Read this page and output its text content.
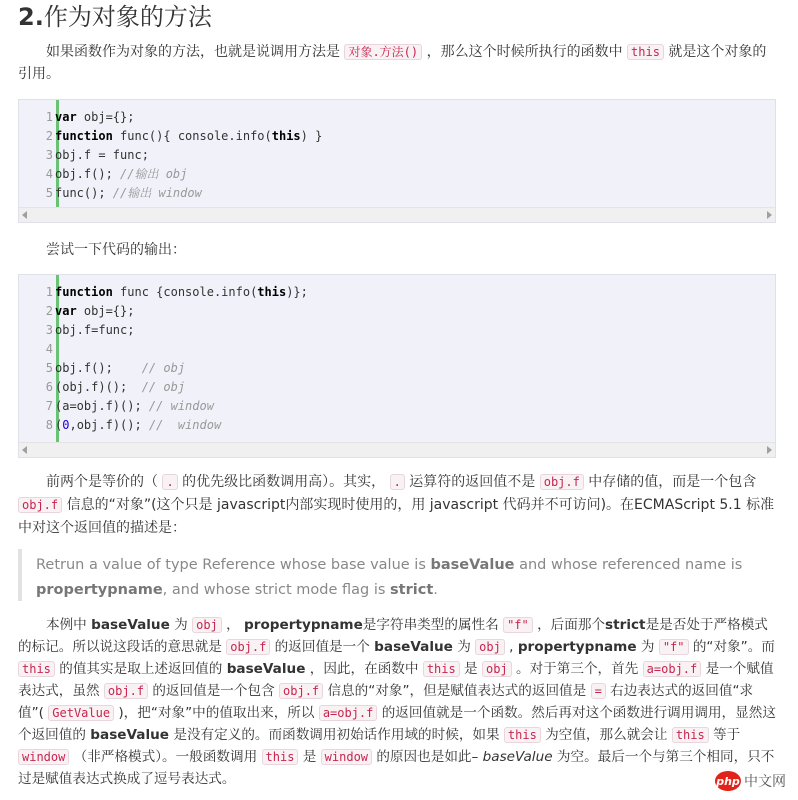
2.作为对象的方法

如果函数作为对象的方法，也就是说调用方法是 对象.方法() ，那么这个时候所执行的函数中 this 就是这个对象的引用。

1
2
3
4
5
var obj={};
function func(){ console.info(this) }
obj.f = func;
obj.f(); //输出 obj
func(); //输出 window

尝试一下代码的输出：

1
2
3
4
5
6
7
8
function func {console.info(this)};
var obj={};
obj.f=func;
obj.f();    // obj
(obj.f)();  // obj
(a=obj.f)(); // window
(0,obj.f)(); //  window

前两个是等价的（ . 的优先级比函数调用高）。其实， . 运算符的返回值不是 obj.f 中存储的值，而是一个包含 obj.f 信息的“对象”(这个只是 javascript内部实现时使用的，用 javascript 代码并不可访问)。在ECMAScript 5.1 标准中对这个返回值的描述是：

Retrun a value of type Reference whose base value is baseValue and whose referenced name is propertypname, and whose strict mode flag is strict.

本例中 baseValue 为 obj ， propertypname是字符串类型的属性名 "f" ，后面那个strict是是否处于严格模式的标记。所以说这段话的意思就是 obj.f 的返回值是一个 baseValue 为 obj , propertypname 为 "f" 的“对象”。而 this 的值其实是取上述返回值的 baseValue ，因此，在函数中 this 是 obj 。对于第三个，首先 a=obj.f 是一个赋值表达式，虽然 obj.f 的返回值是一个包含 obj.f 信息的“对象”，但是赋值表达式的返回值是 = 右边表达式的返回值“求值”( GetValue )，把“对象”中的值取出来，所以 a=obj.f 的返回值就是一个函数。然后再对这个函数进行调用调用，显然这个返回值的 baseValue 是没有定义的。而函数调用初始话作用域的时候，如果 this 为空值，那么就会让 this 等于 window （非严格模式）。一般函数调用 this 是 window 的原因也是如此– baseValue 为空。最后一个与第三个相同，只不过是赋值表达式换成了逗号表达式。	php 中文网
